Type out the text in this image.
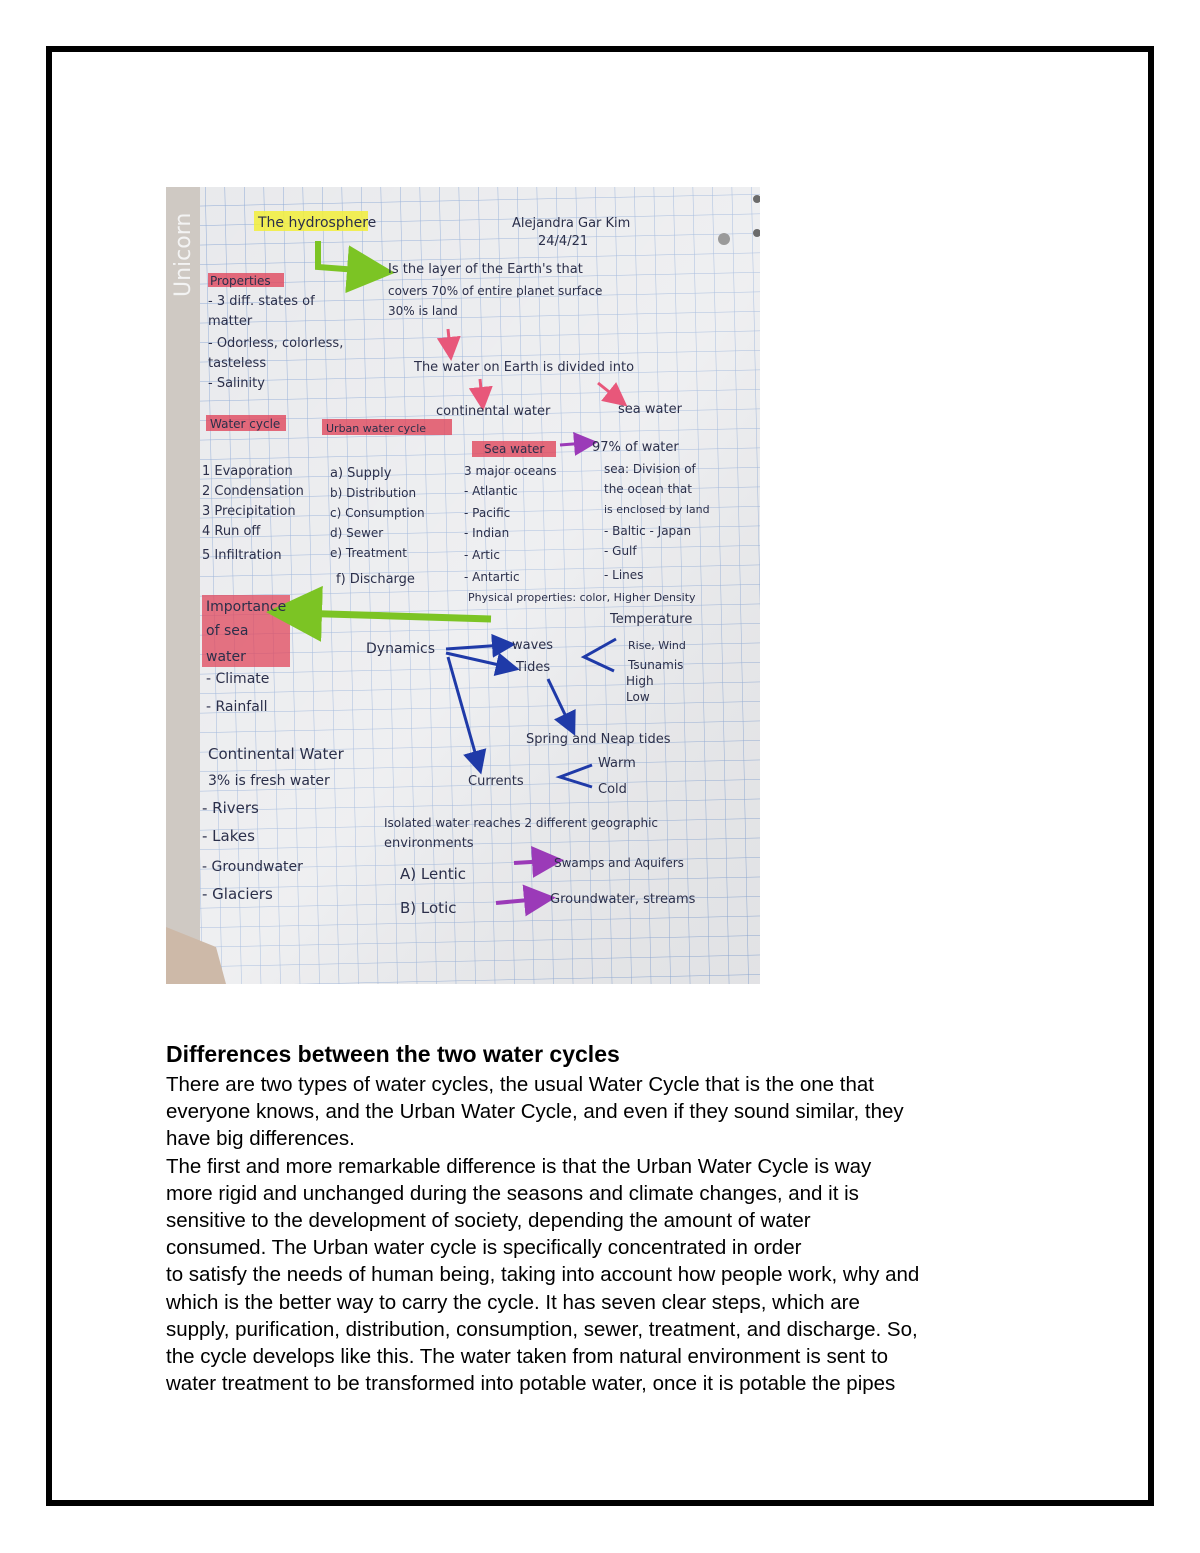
Unicorn	The hydrosphere	Alejandra Gar Kim
24/4/21
Is the layer of the Earth's that
covers 70% of entire planet surface
30% is land
Properties
- 3 diff. states of
matter
- Odorless, colorless,
tasteless
- Salinity
The water on Earth is divided into
continental water	sea water
Water cycle
1 Evaporation
2 Condensation
3 Precipitation
4 Run off
5 Infiltration
Urban water cycle
a) Supply
b) Distribution
c) Consumption
d) Sewer
e) Treatment
f) Discharge
Sea water	97% of water
3 major oceans
- Atlantic
- Pacific
- Indian
- Artic
- Antartic
sea: Division of
the ocean that
is enclosed by land
- Baltic - Japan
- Gulf
- Lines
Physical properties: color, Higher Density
Temperature
Importance
of sea
water
- Climate
- Rainfall
Dynamics	waves
Tides
Rise, Wind
Tsunamis
High
Low
Spring and Neap tides
Currents
Warm
Cold
Continental Water
3% is fresh water
- Rivers
- Lakes
- Groundwater
- Glaciers
Isolated water reaches 2 different geographic
environments
A) Lentic
Swamps and Aquifers
B) Lotic	Groundwater, streams
Differences between the two water cycles
There are two types of water cycles, the usual Water Cycle that is the one that
everyone knows, and the Urban Water Cycle, and even if they sound similar, they
have big differences.
The first and more remarkable difference is that the Urban Water Cycle is way
more rigid and unchanged during the seasons and climate changes, and it is
sensitive to the development of society, depending the amount of water
consumed. The Urban water cycle is specifically concentrated in order
to satisfy the needs of human being, taking into account how people work, why and
which is the better way to carry the cycle. It has seven clear steps, which are
supply, purification, distribution, consumption, sewer, treatment, and discharge. So,
the cycle develops like this. The water taken from natural environment is sent to
water treatment to be transformed into potable water, once it is potable the pipes
